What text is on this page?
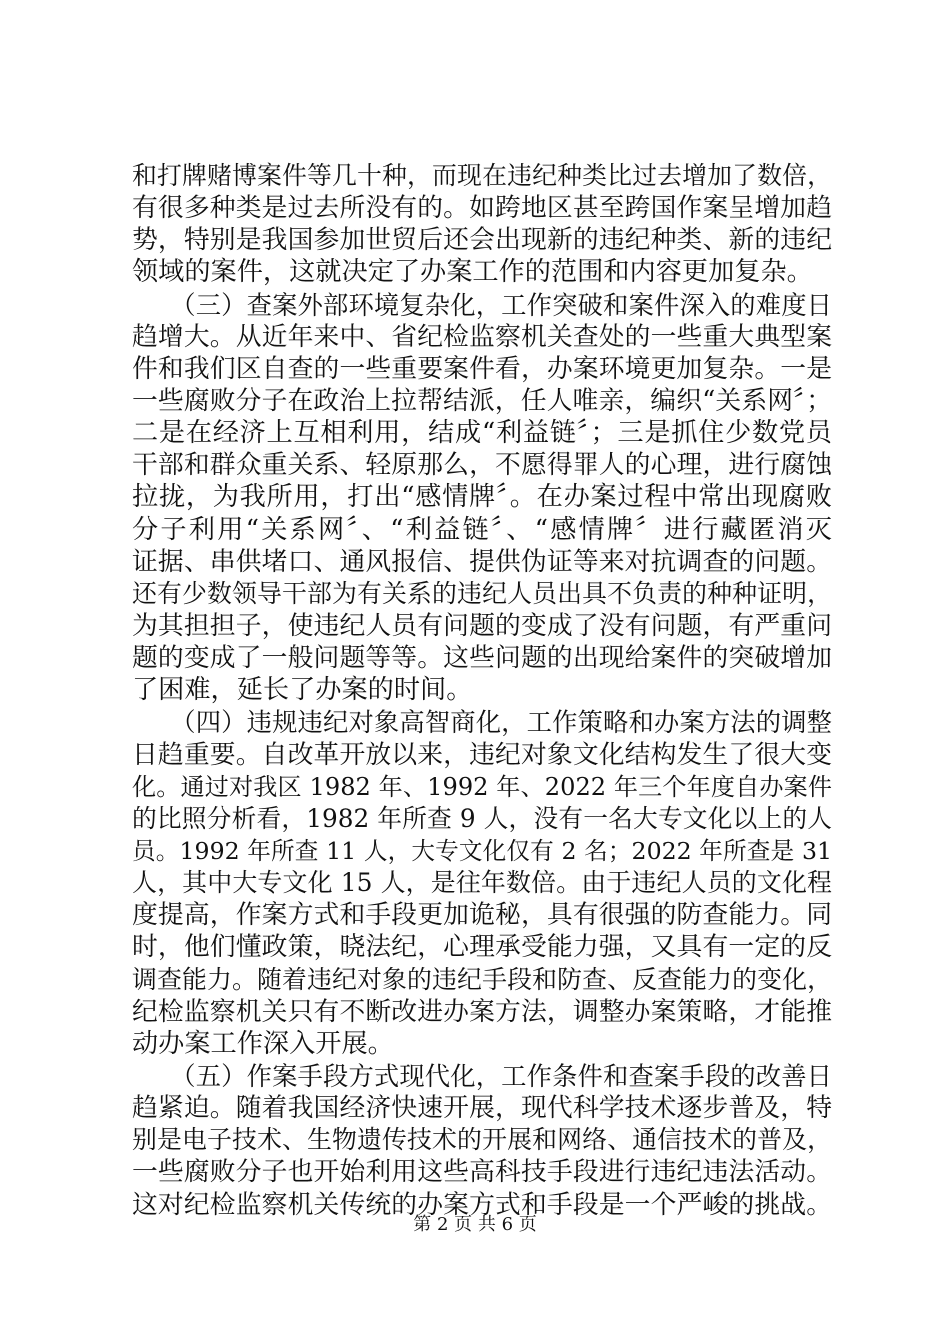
和打牌赌博案件等几十种，而现在违纪种类比过去增加了数倍，
有很多种类是过去所没有的。如跨地区甚至跨国作案呈增加趋
势，特别是我国参加世贸后还会出现新的违纪种类、新的违纪
领域的案件，这就决定了办案工作的范围和内容更加复杂。
　　（三）查案外部环境复杂化，工作突破和案件深入的难度日
趋增大。从近年来中、省纪检监察机关查处的一些重大典型案
件和我们区自查的一些重要案件看，办案环境更加复杂。一是
一些腐败分子在政治上拉帮结派，任人唯亲，编织“关系网〞；
二是在经济上互相利用，结成“利益链〞；三是抓住少数党员
干部和群众重关系、轻原那么，不愿得罪人的心理，进行腐蚀
拉拢，为我所用，打出“感情牌〞。在办案过程中常出现腐败
分子利用“关系网〞、“利益链〞、“感情牌〞进行藏匿消灭
证据、串供堵口、通风报信、提供伪证等来对抗调查的问题。
还有少数领导干部为有关系的违纪人员出具不负责的种种证明，
为其担担子，使违纪人员有问题的变成了没有问题，有严重问
题的变成了一般问题等等。这些问题的出现给案件的突破增加
了困难，延长了办案的时间。
　　（四）违规违纪对象高智商化，工作策略和办案方法的调整
日趋重要。自改革开放以来，违纪对象文化结构发生了很大变
化。通过对我区 1982 年、1992 年、2022 年三个年度自办案件
的比照分析看，1982 年所查 9 人，没有一名大专文化以上的人
员。1992 年所查 11 人，大专文化仅有 2 名；2022 年所查是 31
人，其中大专文化 15 人，是往年数倍。由于违纪人员的文化程
度提高，作案方式和手段更加诡秘，具有很强的防查能力。同
时，他们懂政策，晓法纪，心理承受能力强，又具有一定的反
调查能力。随着违纪对象的违纪手段和防查、反查能力的变化，
纪检监察机关只有不断改进办案方法，调整办案策略，才能推
动办案工作深入开展。
　　（五）作案手段方式现代化，工作条件和查案手段的改善日
趋紧迫。随着我国经济快速开展，现代科学技术逐步普及，特
别是电子技术、生物遗传技术的开展和网络、通信技术的普及，
一些腐败分子也开始利用这些高科技手段进行违纪违法活动。
这对纪检监察机关传统的办案方式和手段是一个严峻的挑战。
第 2 页 共 6 页
